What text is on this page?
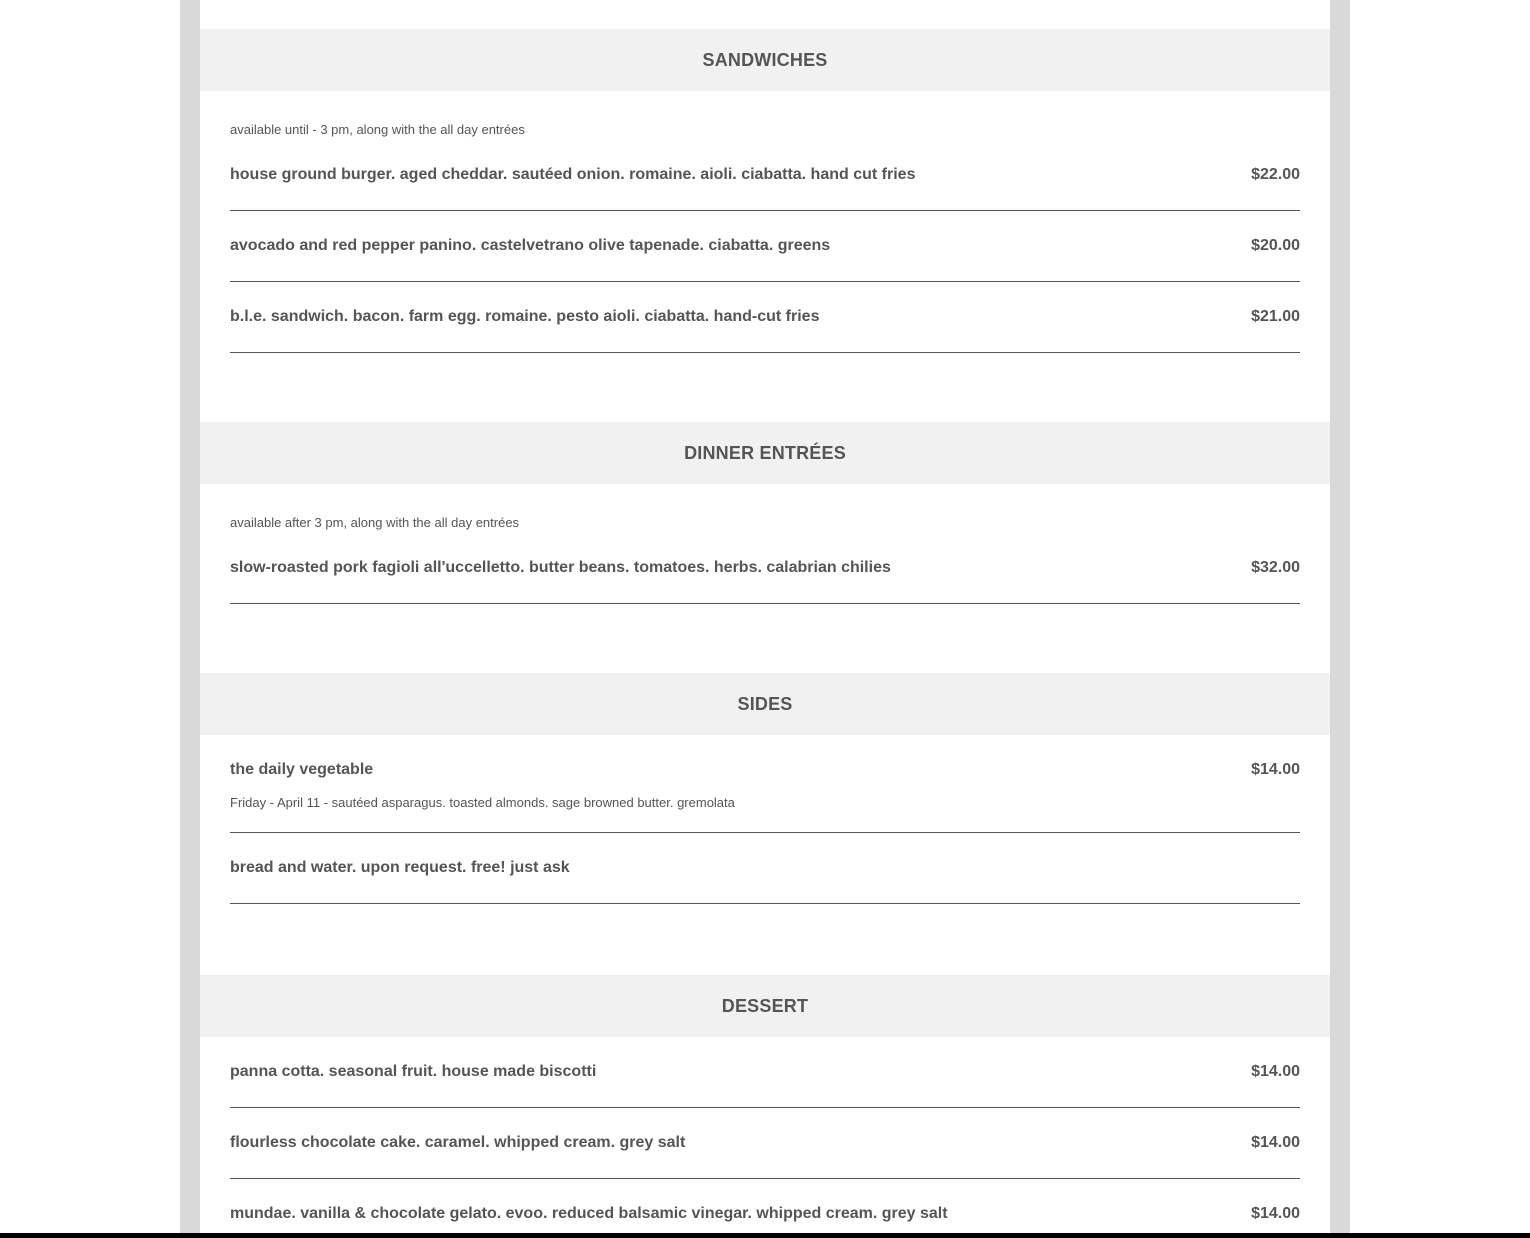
SANDWICHES
available until - 3 pm, along with the all day entrées
house ground burger. aged cheddar. sautéed onion. romaine. aioli. ciabatta. hand cut fries	$22.00
avocado and red pepper panino. castelvetrano olive tapenade. ciabatta. greens	$20.00
b.l.e. sandwich. bacon. farm egg. romaine. pesto aioli. ciabatta. hand-cut fries	$21.00
DINNER ENTRÉES
available after 3 pm, along with the all day entrées
slow-roasted pork fagioli all'uccelletto. butter beans. tomatoes. herbs. calabrian chilies	$32.00
SIDES
the daily vegetable	$14.00
Friday - April 11 - sautéed asparagus. toasted almonds. sage browned butter. gremolata
bread and water. upon request. free! just ask
DESSERT
panna cotta. seasonal fruit. house made biscotti	$14.00
flourless chocolate cake. caramel. whipped cream. grey salt	$14.00
mundae. vanilla & chocolate gelato. evoo. reduced balsamic vinegar. whipped cream. grey salt	$14.00
